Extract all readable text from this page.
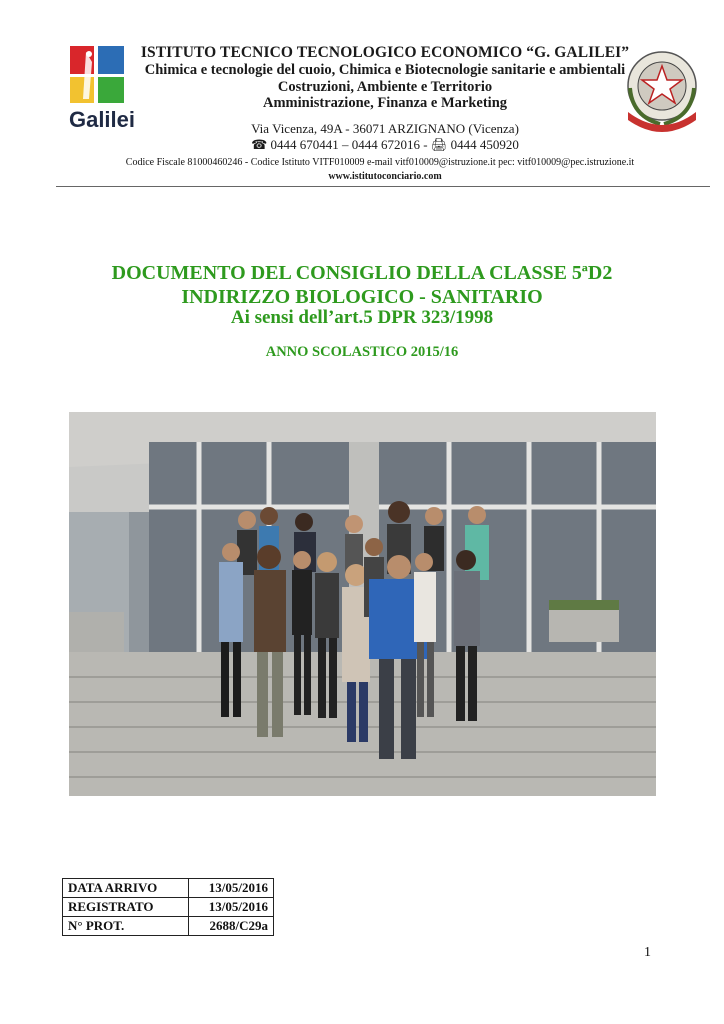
Galilei
ISTITUTO TECNICO TECNOLOGICO ECONOMICO “G. GALILEI”
Chimica e tecnologie del cuoio, Chimica e Biotecnologie sanitarie e ambientali
Costruzioni, Ambiente e Territorio
Amministrazione, Finanza e Marketing
Via Vicenza, 49A - 36071 ARZIGNANO (Vicenza)
☎ 0444 670441 – 0444 672016 - 🖨 0444 450920
Codice Fiscale 81000460246 - Codice Istituto VITF010009 e-mail vitf010009@istruzione.it pec: vitf010009@pec.istruzione.it
www.istitutoconciario.com
DOCUMENTO DEL CONSIGLIO DELLA CLASSE 5ªD2
INDIRIZZO BIOLOGICO - SANITARIO
Ai sensi dell’art.5 DPR 323/1998
ANNO SCOLASTICO 2015/16
DATA ARRIVO	13/05/2016
REGISTRATO	13/05/2016
N° PROT.	2688/C29a
1
